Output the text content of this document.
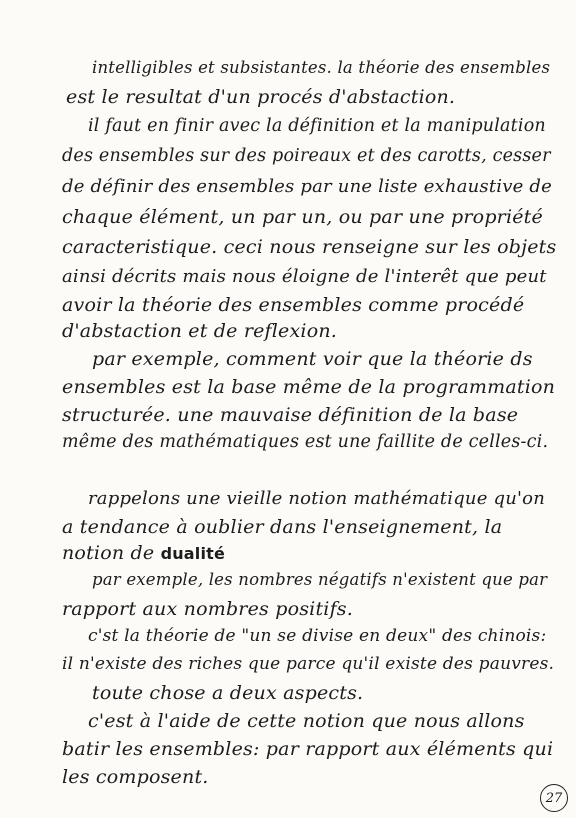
intelligibles et subsistantes. la théorie des ensembles
est le resultat d'un procés d'abstaction.
il faut en finir avec la définition et la manipulation
des ensembles sur des poireaux et des carotts, cesser
de définir des ensembles par une liste exhaustive de
chaque élément, un par un, ou par une propriété
caracteristique. ceci nous renseigne sur les objets
ainsi décrits mais nous éloigne de l'interêt que peut
avoir la théorie des ensembles comme procédé
d'abstaction et de reflexion.
par exemple, comment voir que la théorie ds
ensembles est la base même de la programmation
structurée. une mauvaise définition de la base
même des mathématiques est une faillite de celles-ci.
rappelons une vieille notion mathématique qu'on
a tendance à oublier dans l'enseignement, la
notion de dualité
par exemple, les nombres négatifs n'existent que par
rapport aux nombres positifs.
c'st la théorie de "un se divise en deux" des chinois:
il n'existe des riches que parce qu'il existe des pauvres.
toute chose a deux aspects.
c'est à l'aide de cette notion que nous allons
batir les ensembles: par rapport aux éléments qui
les composent.
27
